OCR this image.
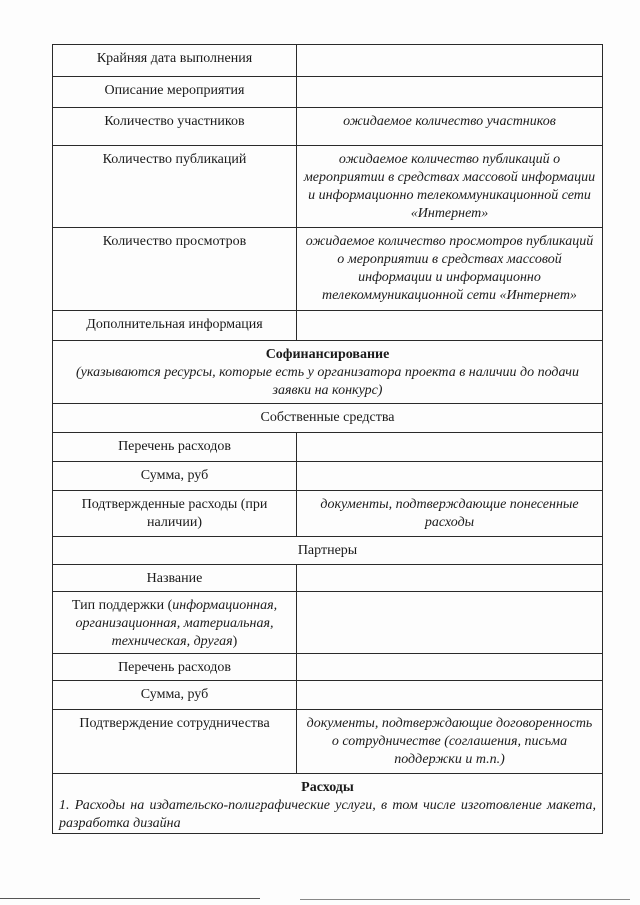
Крайняя дата выполнения	
Описание мероприятия	
Количество участников	ожидаемое количество участников
Количество публикаций	ожидаемое количество публикаций о мероприятии в средствах массовой информации и информационно телекоммуникационной сети «Интернет»
Количество просмотров	ожидаемое количество просмотров публикаций о мероприятии в средствах массовой информации и информационно телекоммуникационной сети «Интернет»
Дополнительная информация	

Софинансирование
(указываются ресурсы, которые есть у организатора проекта в наличии до подачи заявки на конкурс)	

Собственные средства	
Перечень расходов	
Сумма, руб	
Подтвержденные расходы (при наличии)	документы, подтверждающие понесенные расходы
Партнеры	
Название	
Тип поддержки (информационная, организационная, материальная, техническая, другая)	
Перечень расходов	
Сумма, руб	
Подтверждение сотрудничества	документы, подтверждающие договоренность о сотрудничестве (соглашения, письма поддержки и т.п.)

Расходы
1. Расходы на издательско-полиграфические услуги, в том числе изготовление макета, разработка дизайна	
